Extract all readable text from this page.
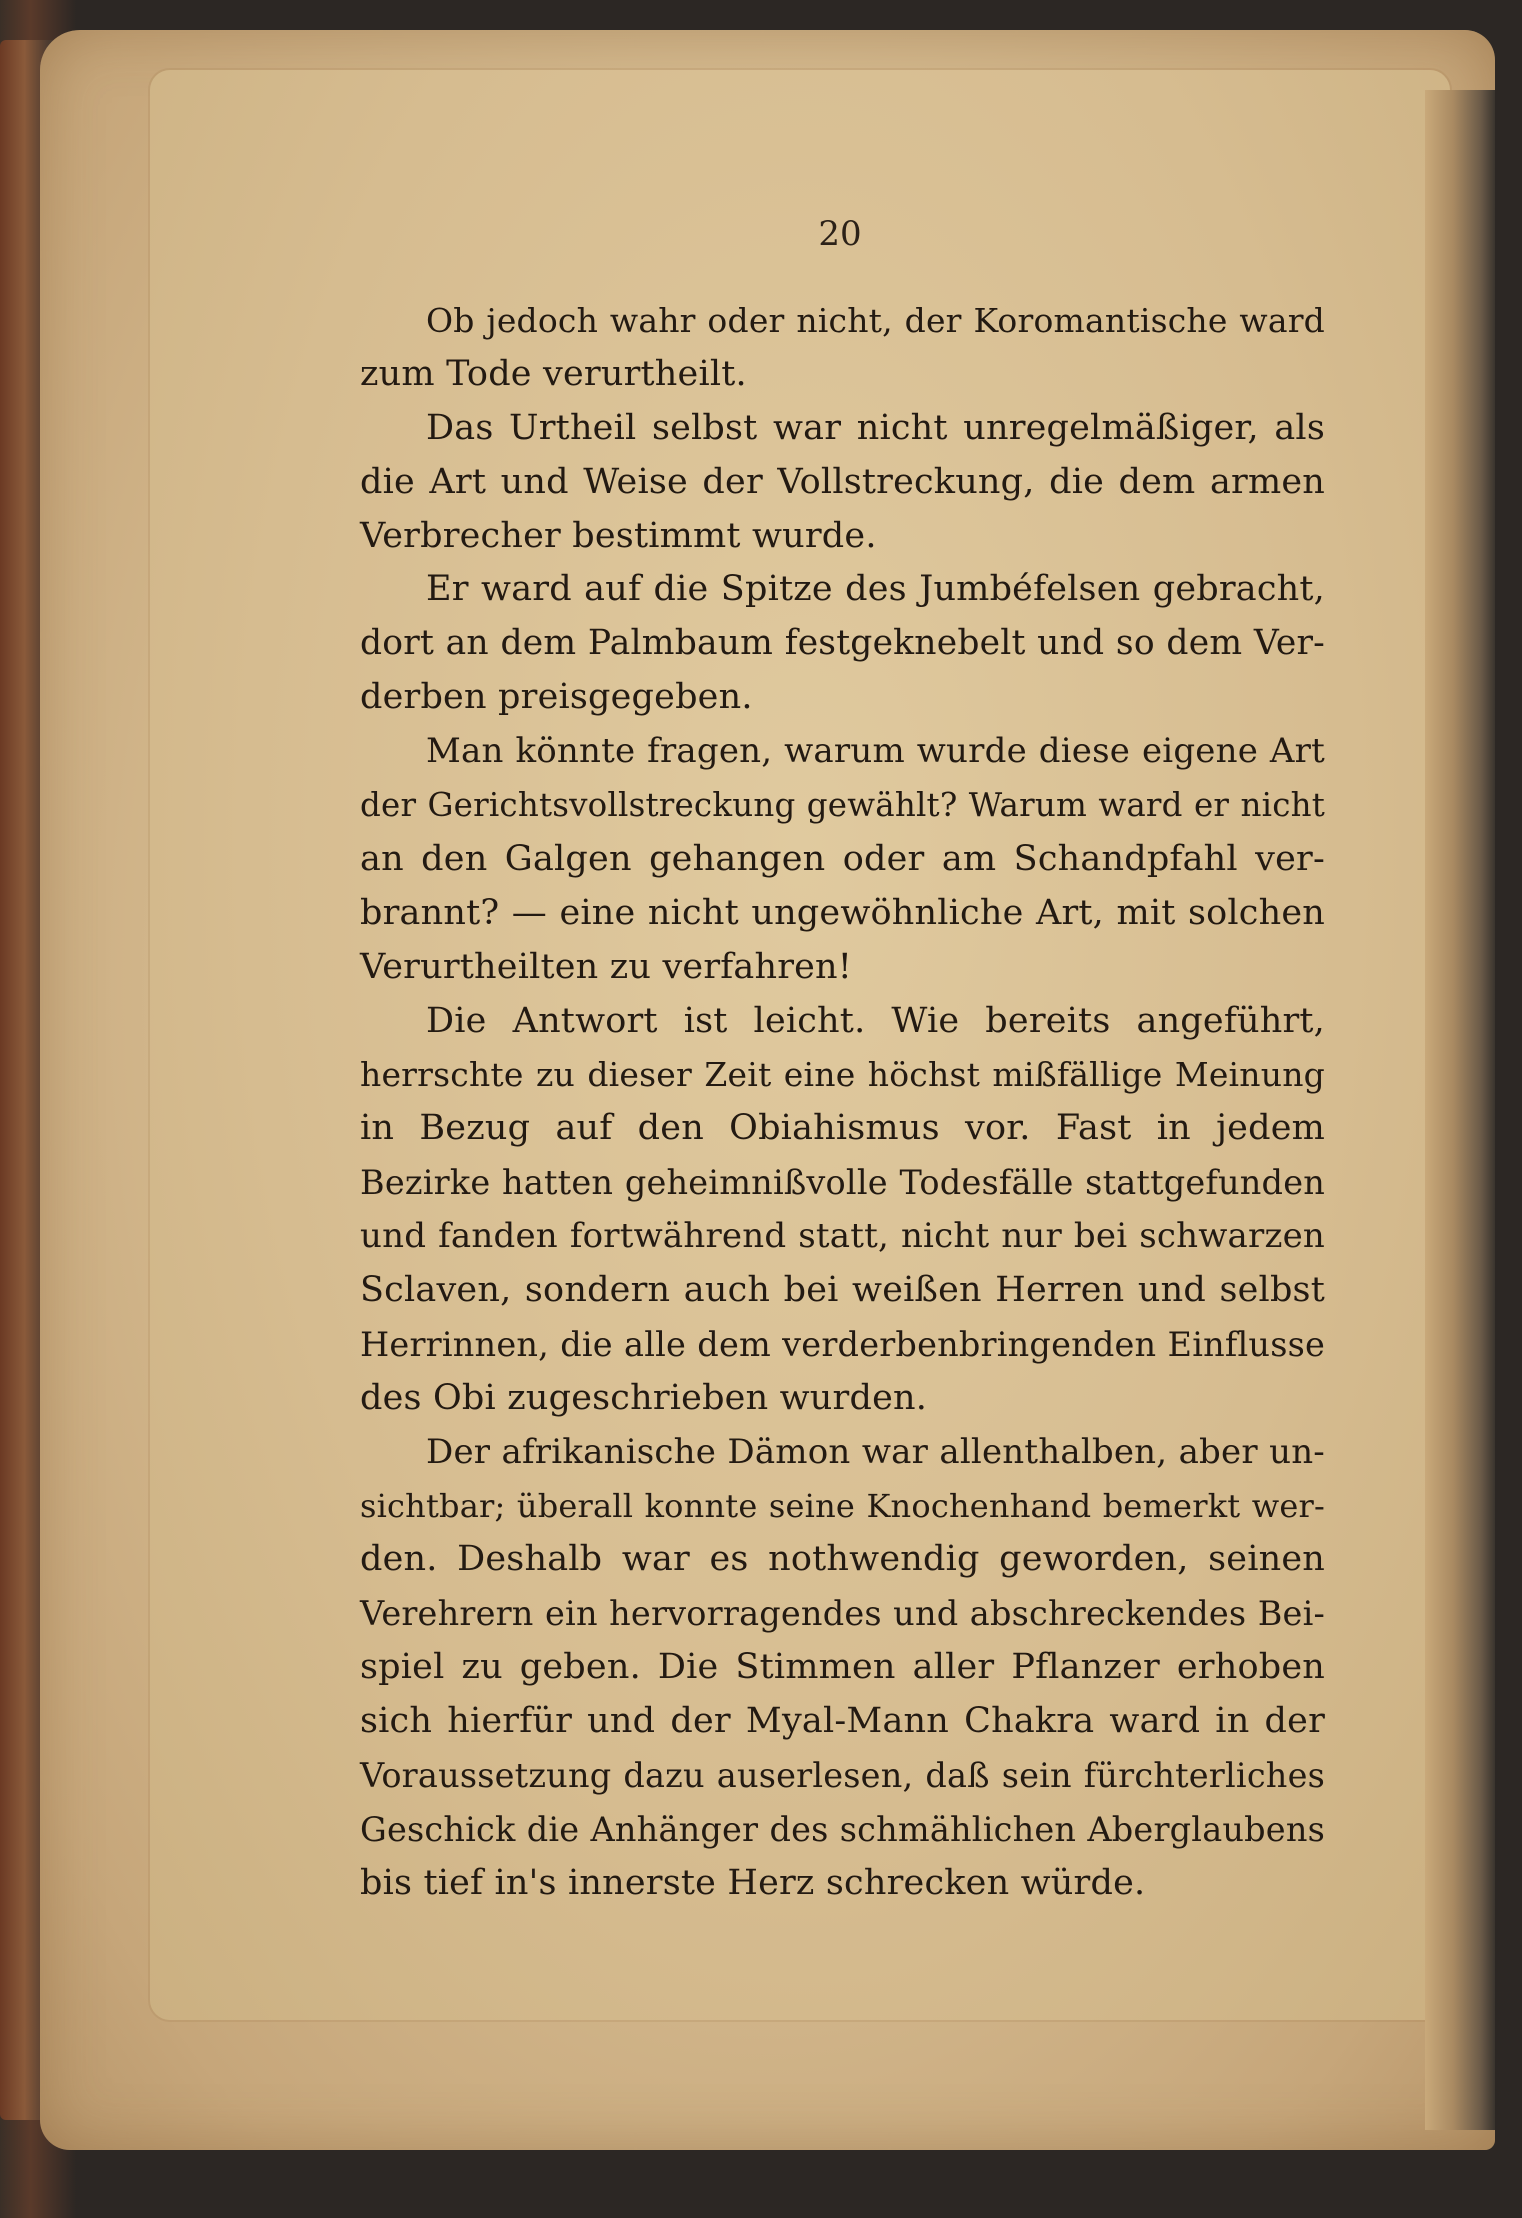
20
Ob jedoch wahr oder nicht, der Koromantische ward
zum Tode verurtheilt.
Das Urtheil selbst war nicht unregelmäßiger, als
die Art und Weise der Vollstreckung, die dem armen
Verbrecher bestimmt wurde.
Er ward auf die Spitze des Jumbéfelsen gebracht,
dort an dem Palmbaum festgeknebelt und so dem Ver-
derben preisgegeben.
Man könnte fragen, warum wurde diese eigene Art
der Gerichtsvollstreckung gewählt? Warum ward er nicht
an den Galgen gehangen oder am Schandpfahl ver-
brannt? — eine nicht ungewöhnliche Art, mit solchen
Verurtheilten zu verfahren!
Die Antwort ist leicht. Wie bereits angeführt,
herrschte zu dieser Zeit eine höchst mißfällige Meinung
in Bezug auf den Obiahismus vor. Fast in jedem
Bezirke hatten geheimnißvolle Todesfälle stattgefunden
und fanden fortwährend statt, nicht nur bei schwarzen
Sclaven, sondern auch bei weißen Herren und selbst
Herrinnen, die alle dem verderbenbringenden Einflusse
des Obi zugeschrieben wurden.
Der afrikanische Dämon war allenthalben, aber un-
sichtbar; überall konnte seine Knochenhand bemerkt wer-
den. Deshalb war es nothwendig geworden, seinen
Verehrern ein hervorragendes und abschreckendes Bei-
spiel zu geben. Die Stimmen aller Pflanzer erhoben
sich hierfür und der Myal-Mann Chakra ward in der
Voraussetzung dazu auserlesen, daß sein fürchterliches
Geschick die Anhänger des schmählichen Aberglaubens
bis tief in's innerste Herz schrecken würde.
